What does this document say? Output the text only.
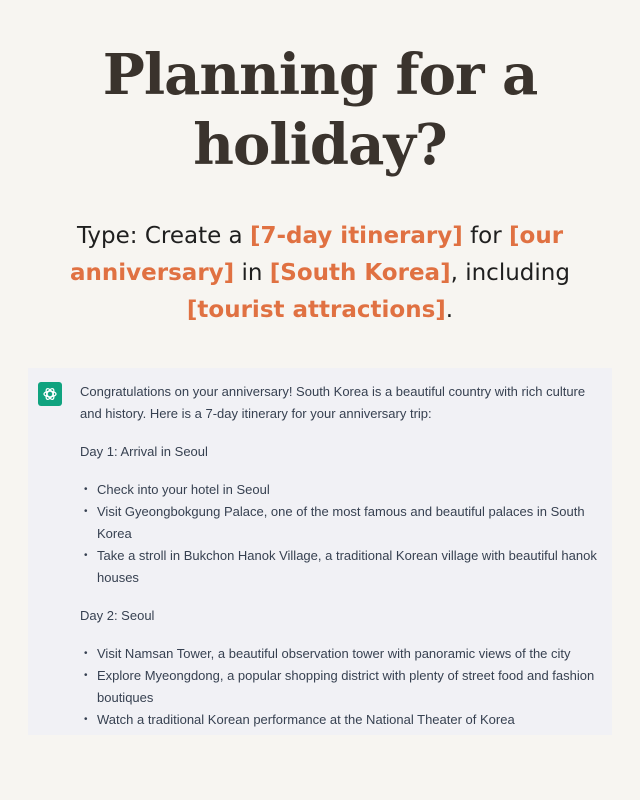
Planning for a
holiday?
Type: Create a [7-day itinerary] for [our anniversary] in [South Korea], including [tourist attractions].

Congratulations on your anniversary! South Korea is a beautiful country with rich culture and history. Here is a 7-day itinerary for your anniversary trip:

Day 1: Arrival in Seoul

• Check into your hotel in Seoul
• Visit Gyeongbokgung Palace, one of the most famous and beautiful palaces in South Korea
• Take a stroll in Bukchon Hanok Village, a traditional Korean village with beautiful hanok houses

Day 2: Seoul

• Visit Namsan Tower, a beautiful observation tower with panoramic views of the city
• Explore Myeongdong, a popular shopping district with plenty of street food and fashion boutiques
• Watch a traditional Korean performance at the National Theater of Korea
